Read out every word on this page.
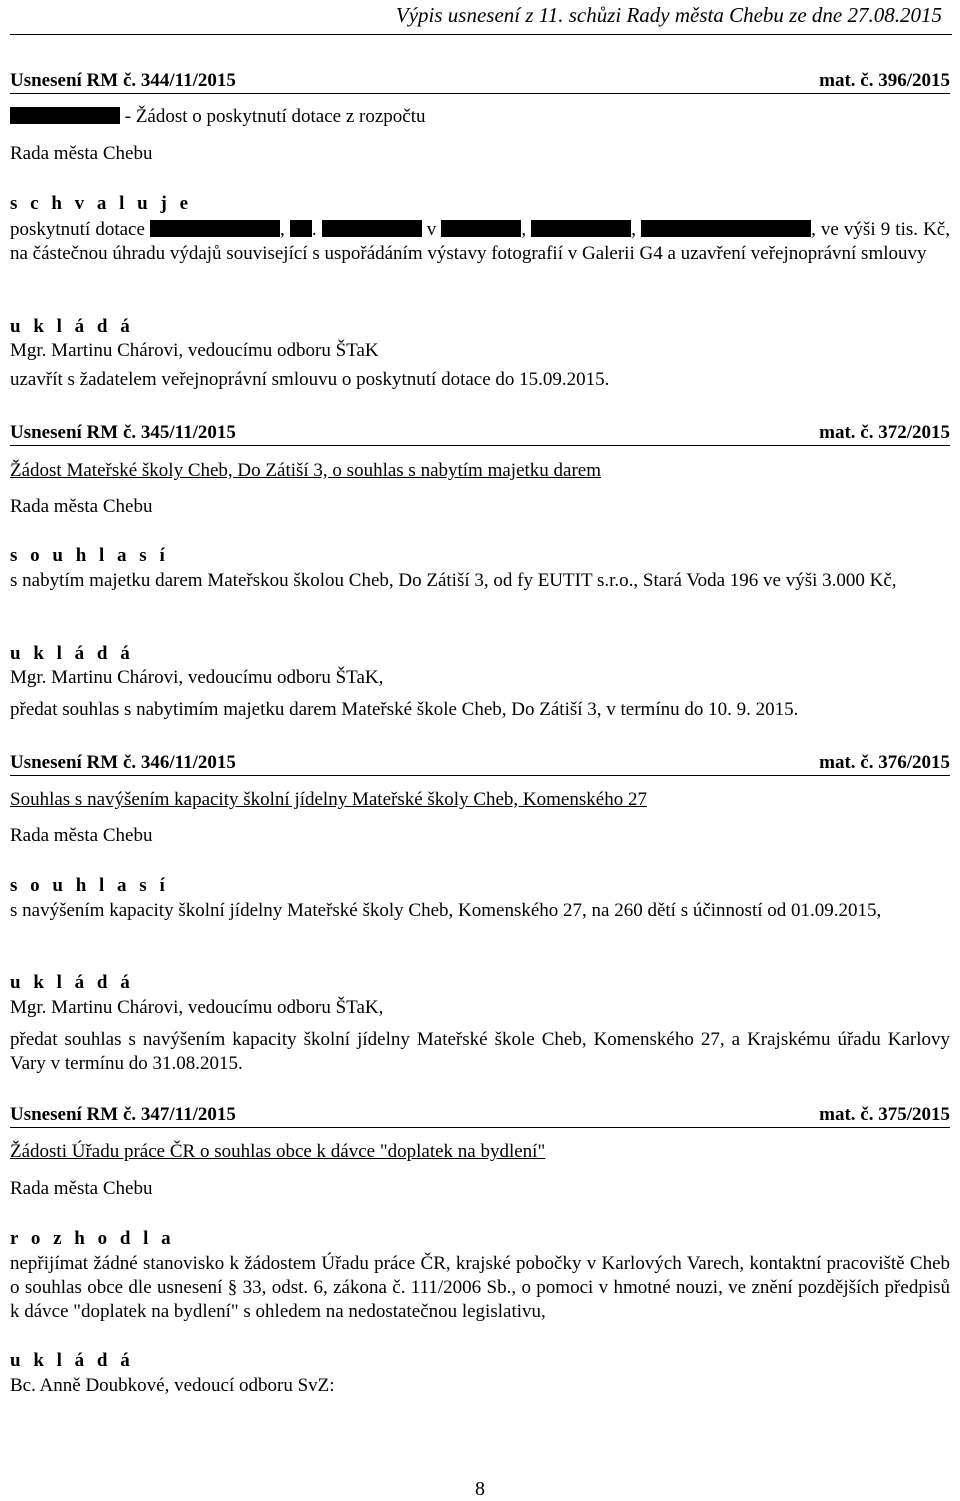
Výpis usnesení z 11. schůzi Rady města Chebu ze dne 27.08.2015
Usnesení RM č. 344/11/2015	mat. č. 396/2015
- Žádost o poskytnutí dotace z rozpočtu
Rada města Chebu
s c h v a l u j e
poskytnutí dotace	, .	v	,	,	, ve výši 9 tis. Kč, na částečnou úhradu výdajů související s uspořádáním výstavy fotografií v Galerii G4 a uzavření veřejnoprávní smlouvy
u k l á d á
Mgr. Martinu Chárovi, vedoucímu odboru ŠTaK
uzavřít s žadatelem veřejnoprávní smlouvu o poskytnutí dotace do 15.09.2015.
Usnesení RM č. 345/11/2015	mat. č. 372/2015
Žádost Mateřské školy Cheb, Do Zátiší 3, o souhlas s nabytím majetku darem
Rada města Chebu
s o u h l a s í
s nabytím majetku darem Mateřskou školou Cheb, Do Zátiší 3, od fy EUTIT s.r.o., Stará Voda 196 ve výši 3.000 Kč,
u k l á d á
Mgr. Martinu Chárovi, vedoucímu odboru ŠTaK,
předat souhlas s nabytimím majetku darem Mateřské škole Cheb, Do Zátiší 3, v termínu do 10. 9. 2015.
Usnesení RM č. 346/11/2015	mat. č. 376/2015
Souhlas s navýšením kapacity školní jídelny Mateřské školy Cheb, Komenského 27
Rada města Chebu
s o u h l a s í
s navýšením kapacity školní jídelny Mateřské školy Cheb, Komenského 27, na 260 dětí s účinností od 01.09.2015,
u k l á d á
Mgr. Martinu Chárovi, vedoucímu odboru ŠTaK,
předat souhlas s navýšením kapacity školní jídelny Mateřské škole Cheb, Komenského 27, a Krajskému úřadu Karlovy Vary v termínu do 31.08.2015.
Usnesení RM č. 347/11/2015	mat. č. 375/2015
Žádosti Úřadu práce ČR o souhlas obce k dávce "doplatek na bydlení"
Rada města Chebu
r o z h o d l a
nepřijímat žádné stanovisko k žádostem Úřadu práce ČR, krajské pobočky v Karlových Varech, kontaktní pracoviště Cheb o souhlas obce dle usnesení § 33, odst. 6, zákona č. 111/2006 Sb., o pomoci v hmotné nouzi, ve znění pozdějších předpisů k dávce "doplatek na bydlení" s ohledem na nedostatečnou legislativu,
u k l á d á
Bc. Anně Doubkové, vedoucí odboru SvZ:
8
